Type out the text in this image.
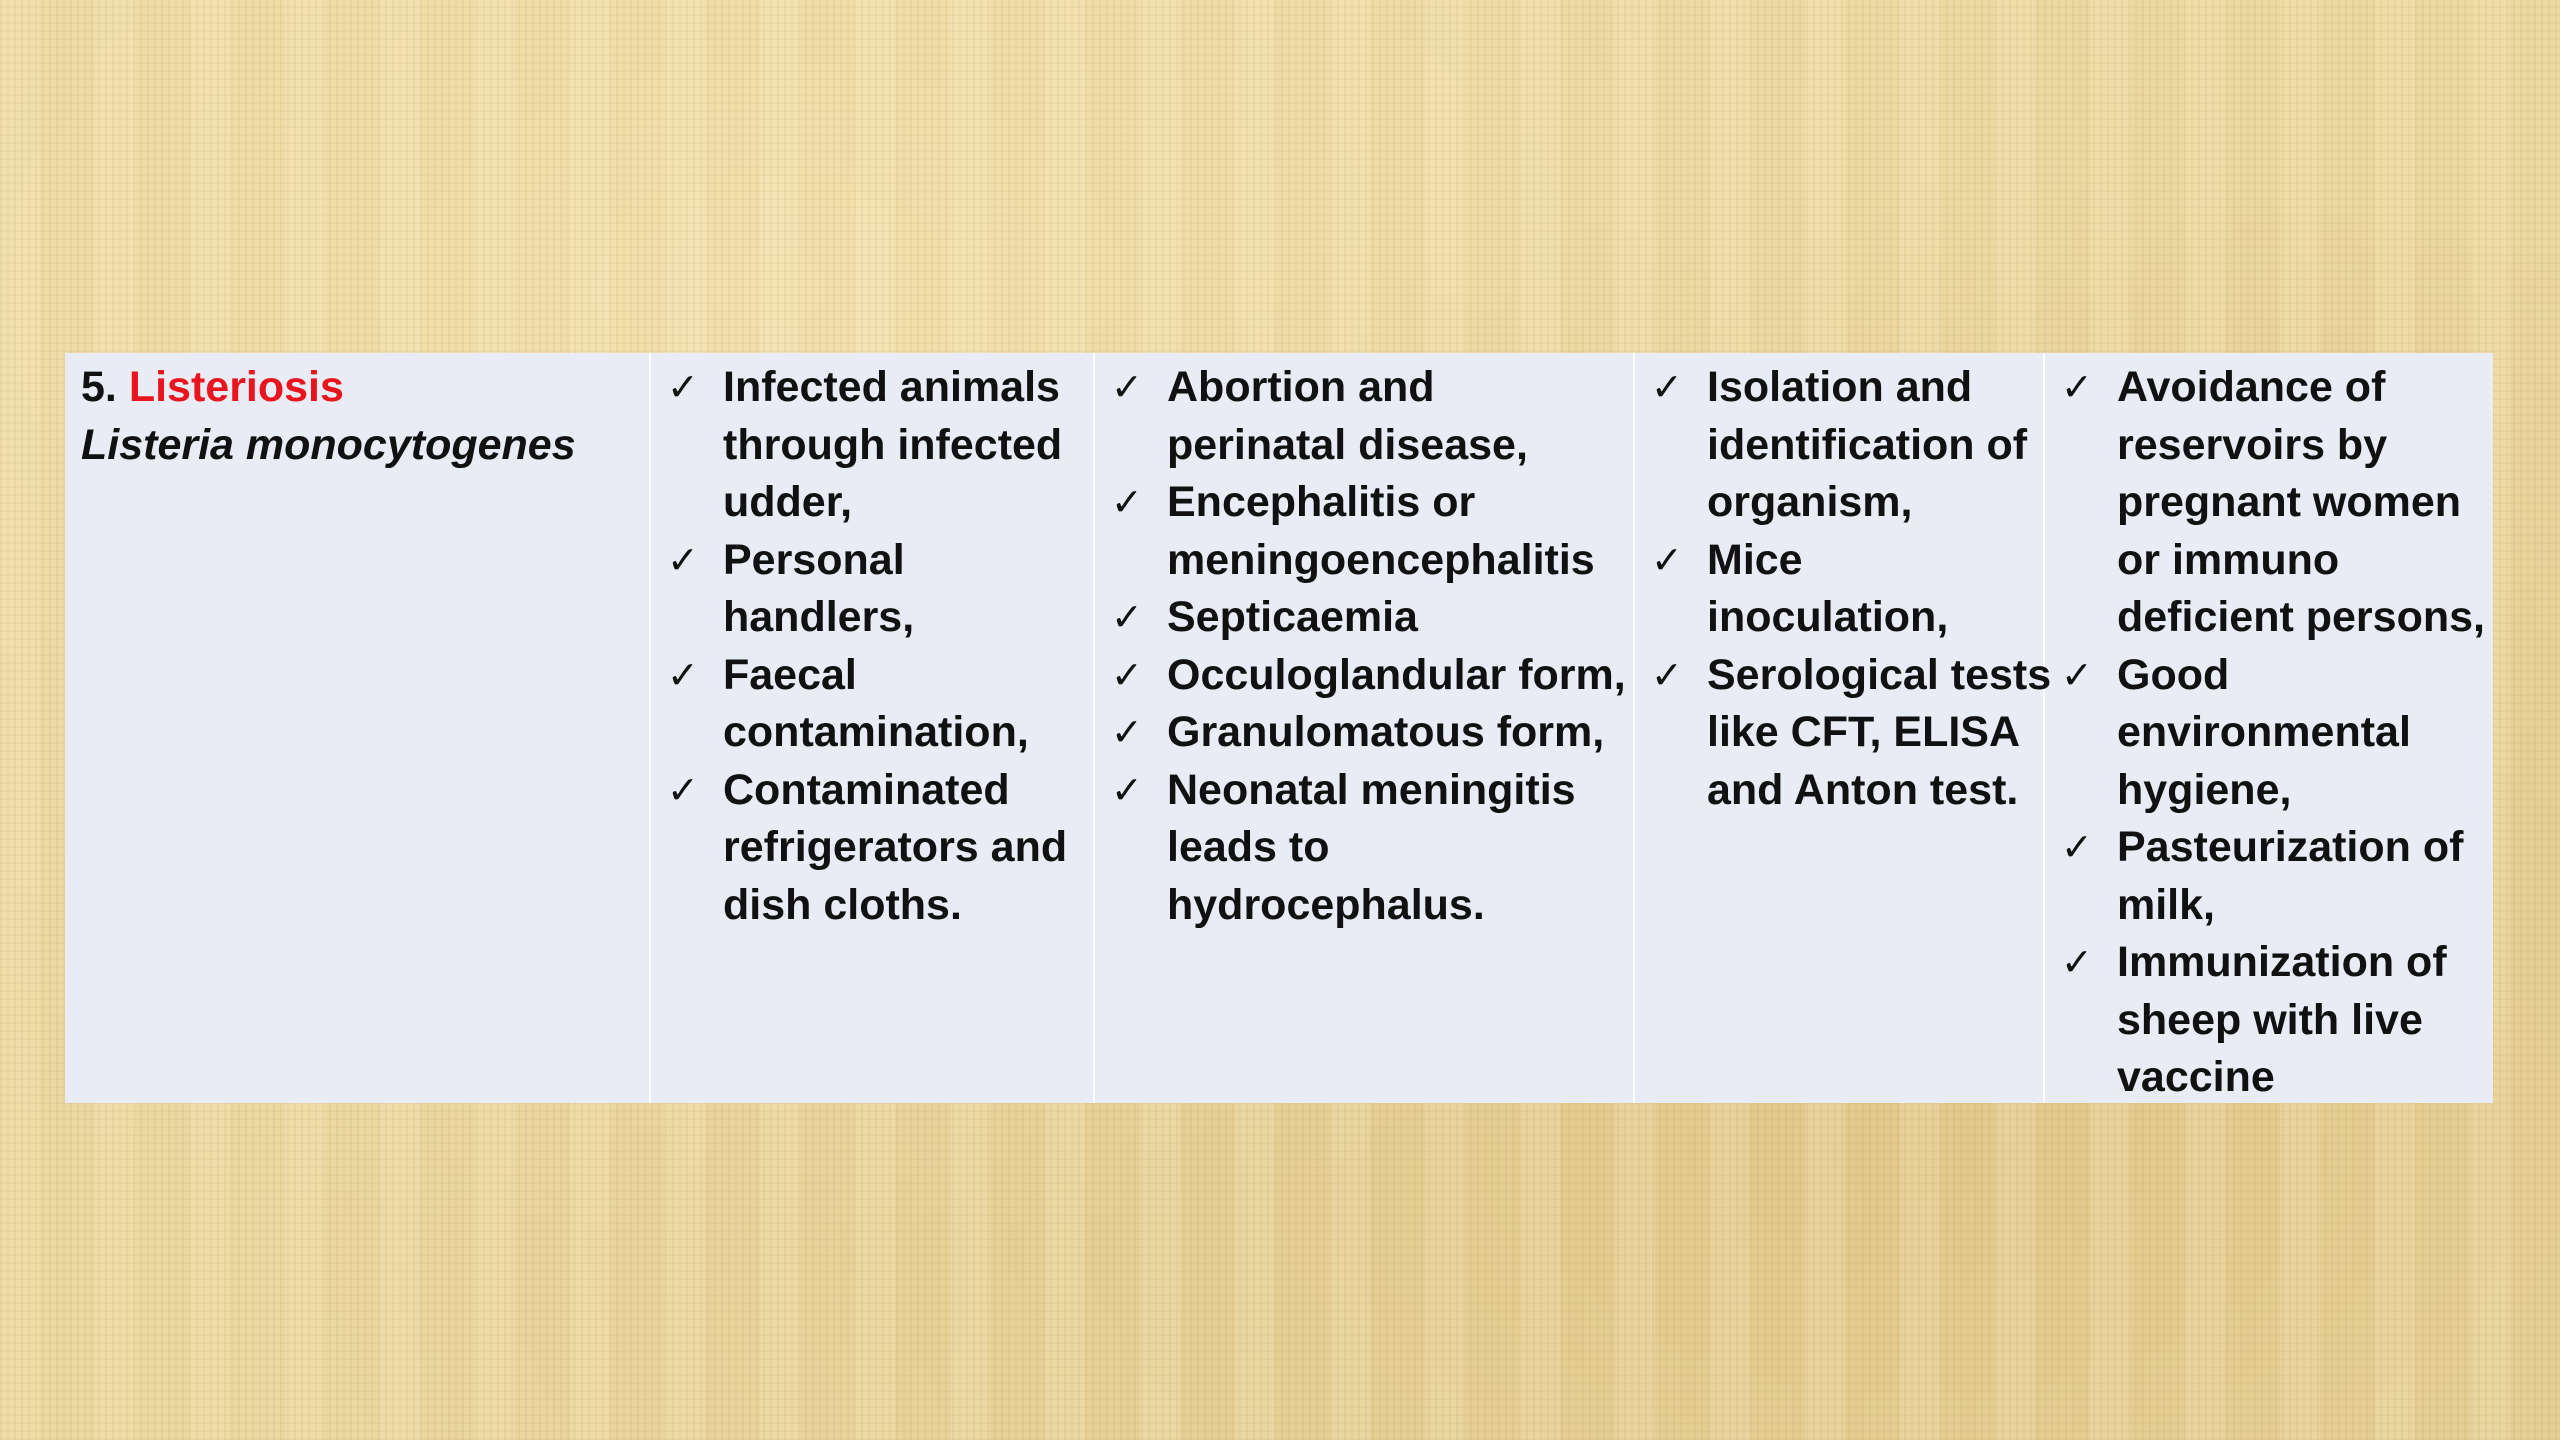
5. Listeriosis
Listeria monocytogenes
✓ Infected animals
through infected
udder,
✓ Personal
handlers,
✓ Faecal
contamination,
✓ Contaminated
refrigerators and
dish cloths.
✓ Abortion and
perinatal disease,
✓ Encephalitis or
meningoencephalitis
✓ Septicaemia
✓ Occuloglandular form,
✓ Granulomatous form,
✓ Neonatal meningitis
leads to
hydrocephalus.
✓ Isolation and
identification of
organism,
✓ Mice
inoculation,
✓ Serological tests
like CFT, ELISA
and Anton test.
✓ Avoidance of
reservoirs by
pregnant women
or immuno
deficient persons,
✓ Good
environmental
hygiene,
✓ Pasteurization of
milk,
✓ Immunization of
sheep with live
vaccine
